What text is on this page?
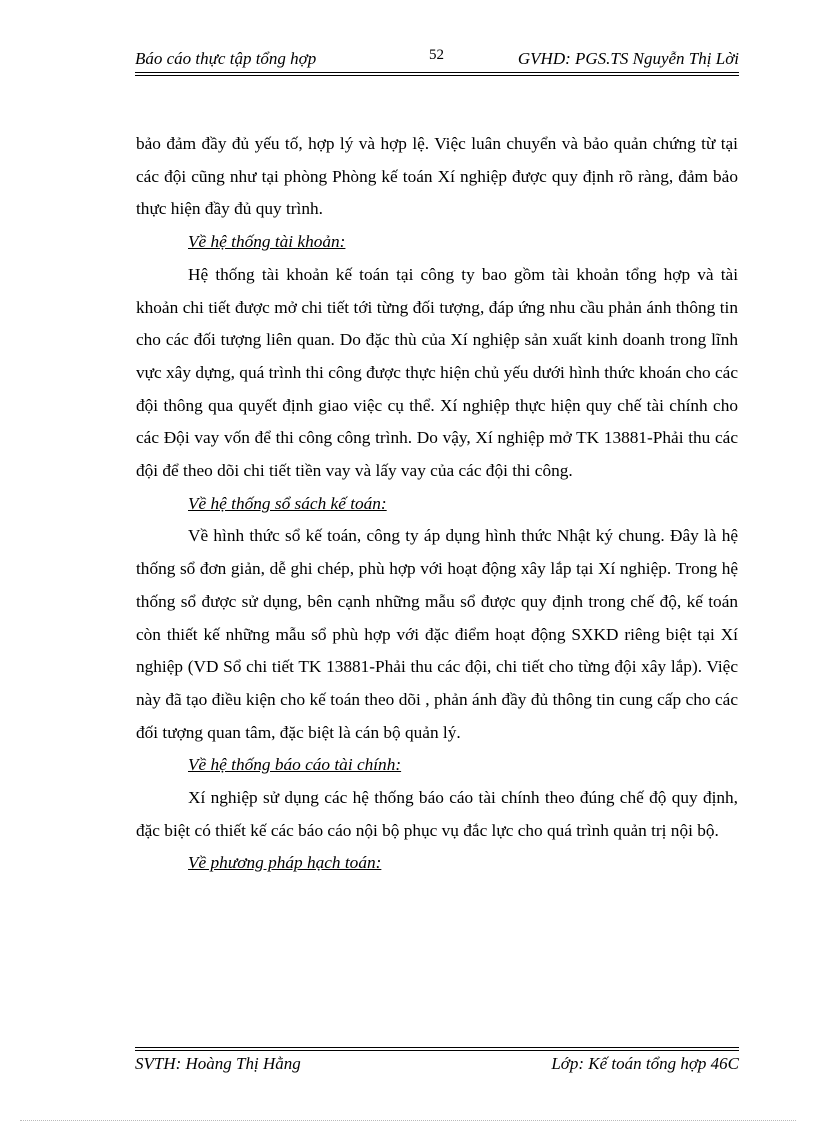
Báo cáo thực tập tổng hợp	52	GVHD: PGS.TS Nguyễn Thị Lời

bảo đảm đầy đủ yếu tố, hợp lý và hợp lệ. Việc luân chuyển và bảo quản chứng từ tại các đội cũng như tại phòng Phòng kế toán Xí nghiệp được quy định rõ ràng, đảm bảo thực hiện đầy đủ quy trình.

Về hệ thống tài khoản:

Hệ thống tài khoản kế toán tại công ty bao gồm tài khoản tổng hợp và tài khoản chi tiết được mở chi tiết tới từng đối tượng, đáp ứng nhu cầu phản ánh thông tin cho các đối tượng liên quan. Do đặc thù của Xí nghiệp sản xuất kinh doanh trong lĩnh vực xây dựng, quá trình thi công được thực hiện chủ yếu dưới hình thức khoán cho các đội thông qua quyết định giao việc cụ thể. Xí nghiệp thực hiện quy chế tài chính cho các Đội vay vốn để thi công công trình. Do vậy, Xí nghiệp mở TK 13881-Phải thu các đội để theo dõi chi tiết tiền vay và lấy vay của các đội thi công.

Về hệ thống sổ sách kế toán:

Về hình thức sổ kế toán, công ty áp dụng hình thức Nhật ký chung. Đây là hệ thống sổ đơn giản, dễ ghi chép, phù hợp với hoạt động xây lắp tại Xí nghiệp. Trong hệ thống sổ được sử dụng, bên cạnh những mẫu sổ được quy định trong chế độ, kế toán còn thiết kế những mẫu sổ phù hợp với đặc điểm hoạt động SXKD riêng biệt tại Xí nghiệp (VD Sổ chi tiết TK 13881-Phải thu các đội, chi tiết cho từng đội xây lắp). Việc này đã tạo điều kiện cho kế toán theo dõi , phản ánh đầy đủ thông tin cung cấp cho các đối tượng quan tâm, đặc biệt là cán bộ quản lý.

Về hệ thống báo cáo tài chính:

Xí nghiệp sử dụng các hệ thống báo cáo tài chính theo đúng chế độ quy định, đặc biệt có thiết kế các báo cáo nội bộ phục vụ đắc lực cho quá trình quản trị nội bộ.

Về phương pháp hạch toán:

SVTH: Hoàng Thị Hằng	Lớp: Kế toán tổng hợp 46C
